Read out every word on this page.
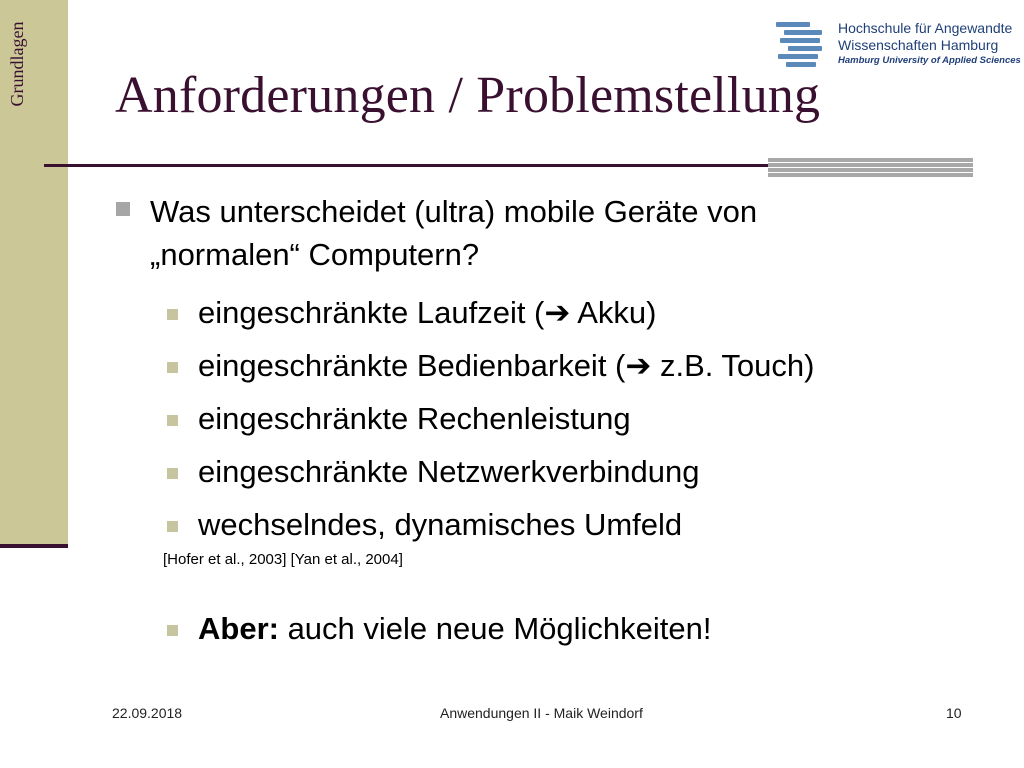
Grundlagen	Hochschule für Angewandte
Wissenschaften Hamburg
Hamburg University of Applied Sciences
Anforderungen / Problemstellung
Was unterscheidet (ultra) mobile Geräte von
„normalen“ Computern?
eingeschränkte Laufzeit (➔ Akku)
eingeschränkte Bedienbarkeit (➔ z.B. Touch)
eingeschränkte Rechenleistung
eingeschränkte Netzwerkverbindung
wechselndes, dynamisches Umfeld
[Hofer et al., 2003] [Yan et al., 2004]
Aber: auch viele neue Möglichkeiten!
22.09.2018	Anwendungen II - Maik Weindorf	10
